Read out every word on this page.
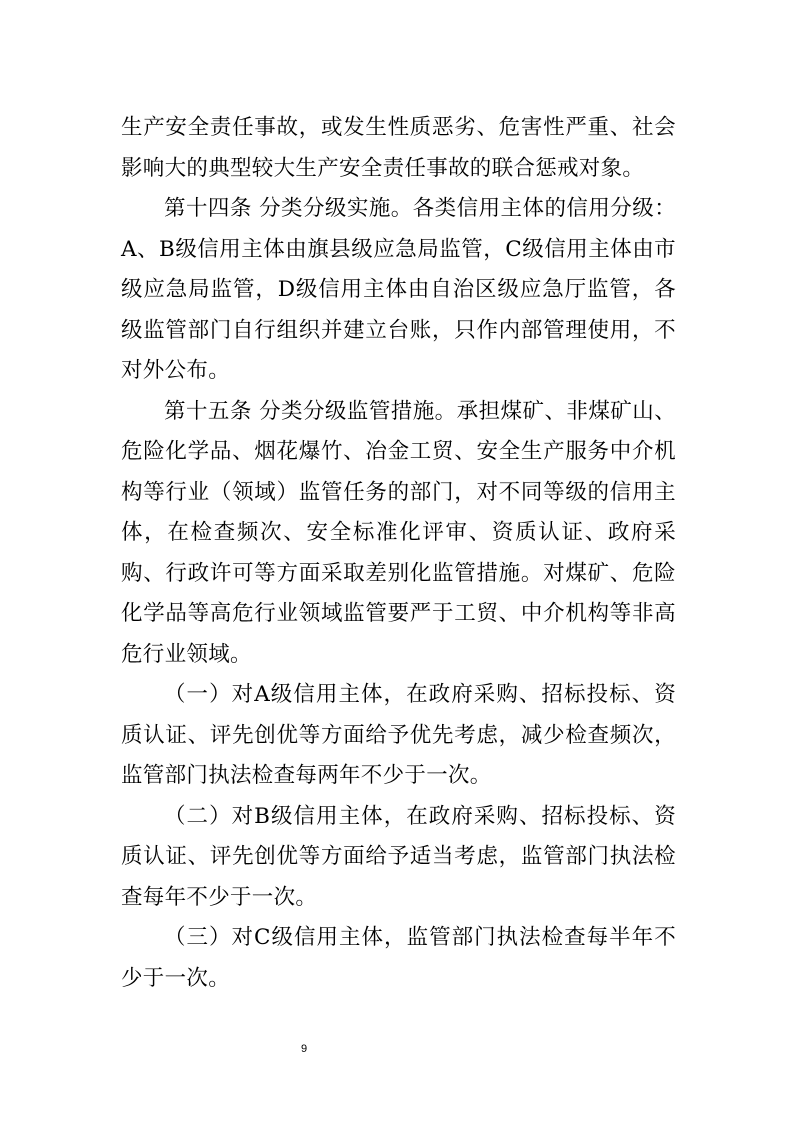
生产安全责任事故，或发生性质恶劣、危害性严重、社会影响大的典型较大生产安全责任事故的联合惩戒对象。

第十四条 分类分级实施。各类信用主体的信用分级：A、B级信用主体由旗县级应急局监管，C级信用主体由市级应急局监管，D级信用主体由自治区级应急厅监管，各级监管部门自行组织并建立台账，只作内部管理使用，不对外公布。

第十五条 分类分级监管措施。承担煤矿、非煤矿山、危险化学品、烟花爆竹、冶金工贸、安全生产服务中介机构等行业（领域）监管任务的部门，对不同等级的信用主体，在检查频次、安全标准化评审、资质认证、政府采购、行政许可等方面采取差别化监管措施。对煤矿、危险化学品等高危行业领域监管要严于工贸、中介机构等非高危行业领域。

（一）对A级信用主体，在政府采购、招标投标、资质认证、评先创优等方面给予优先考虑，减少检查频次，监管部门执法检查每两年不少于一次。

（二）对B级信用主体，在政府采购、招标投标、资质认证、评先创优等方面给予适当考虑，监管部门执法检查每年不少于一次。

（三）对C级信用主体，监管部门执法检查每半年不少于一次。

9
